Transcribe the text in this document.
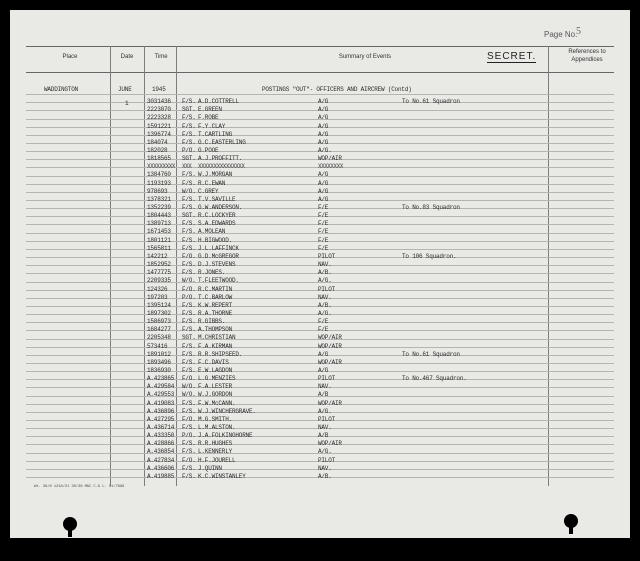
Page No.
5
Place	Date	Time	Summary of Events	SECRET.	References to Appendices
WADDINGTON	JUNE	1945
1
POSTINGS "OUT"- OFFICERS AND AIRCREW (Contd)
3031436 F/S. A.D.COTTRELL	A/G	To No.61 Squadron
2223070 SGT. E.GREEN	A/G
2223328 F/S. F.ROBE	A/G
1591221 F/S. F.Y.CLAY	A/G
1396774 F/S. T.CARTLING	A/G
184074 F/S. G.C.EASTERLING	A/G
182028 P/O. G.POOE	A/G.
1818565 SGT. A.J.PROFFITT.	WOP/AIR
XXXXXXXXX XXX XXXXXXXXXXXXXXX	XXXXXXXX
1384760 F/S. W.J.MORGAN	A/G
1193193 F/S. R.C.EWAN	A/G
978693 W/O. C.GREY	A/G
1378321 F/S. T.V.SAVILLE	A/G
1352239 F/S. G.W.ANDERSON.	F/E	To No.83 Squadron
1804443 SGT. R.C.LOCKYER	F/E
1389713 F/S. S.A.EDWARDS	F/E
1671453 F/S. A.MOLEAN	F/E
1801121 F/S. H.BIGWOOD.	F/E
1565811 F/S. J.L.LAFFINCK	F/E
142212 F/O. G.D.McGREGOR	PILOT	To 106 Squadron.
1852952 F/S. D.J.STEVENS	NAV.
1477775 F/S. R.JONES.	A/B.
2209335 W/O. T.FLEETWOOD.	A/G.
124326 F/O. R.C.MARTIN	PILOT
197203 P/O. T.C.BARLOW	NAV.
1395124 F/S. K.W.REPERT	A/B.
1897302 F/S. R.A.THORNE	A/G.
1586973 F/S. R.GIBBS.	F/E
1684277 F/S. A.THOMPSON	F/E
2205348 SGT. M.CHRISTIAN	WOP/AIR
573416 F/S. F.A.KIRMAN	WOP/AIR
1891012 F/S. R.R.SHIPSEED.	A/G	To No.61 Squadron
1893496 F/S. F.C.DAVIS	WOP/AIR
1836930 F/S. E.W.LAGDON	A/G
A.423865 F/O. L.G.MENZIES	PILOT	To No.467 Squadron.
A.429584 W/O. F.A.LESTER	NAV.
A.429553 W/O. W.J.GORDON	A/B
A.419083 F/S. F.W.McCANN.	WOP/AIR
A.436896 F/S. W.J.WINCHERGRAVE.	A/G.
A.427295 F/O. M.G.SMITH.	PILOT
A.436714 F/S. L.M.ALSTON.	NAV.
A.433350 P/O. J.A.FOLKINGHORNE	A/B
A.428866 F/S. R.R.HUGHES	WOP/AIR
A.436854 F/S. L.KENNERLY	A/G.
A.427834 F/O. H.F.JOURELL	PILOT
A.436606 F/S. J.QUINN	NAV.
A.419885 F/S. K.C.WINSTANLEY	A/B.
Wt. 39/8 1218/21 30/38 M&C C.& L. 51/7698
AUSTRALIAN WAR MEMORIAL	AWM2020.18.360
